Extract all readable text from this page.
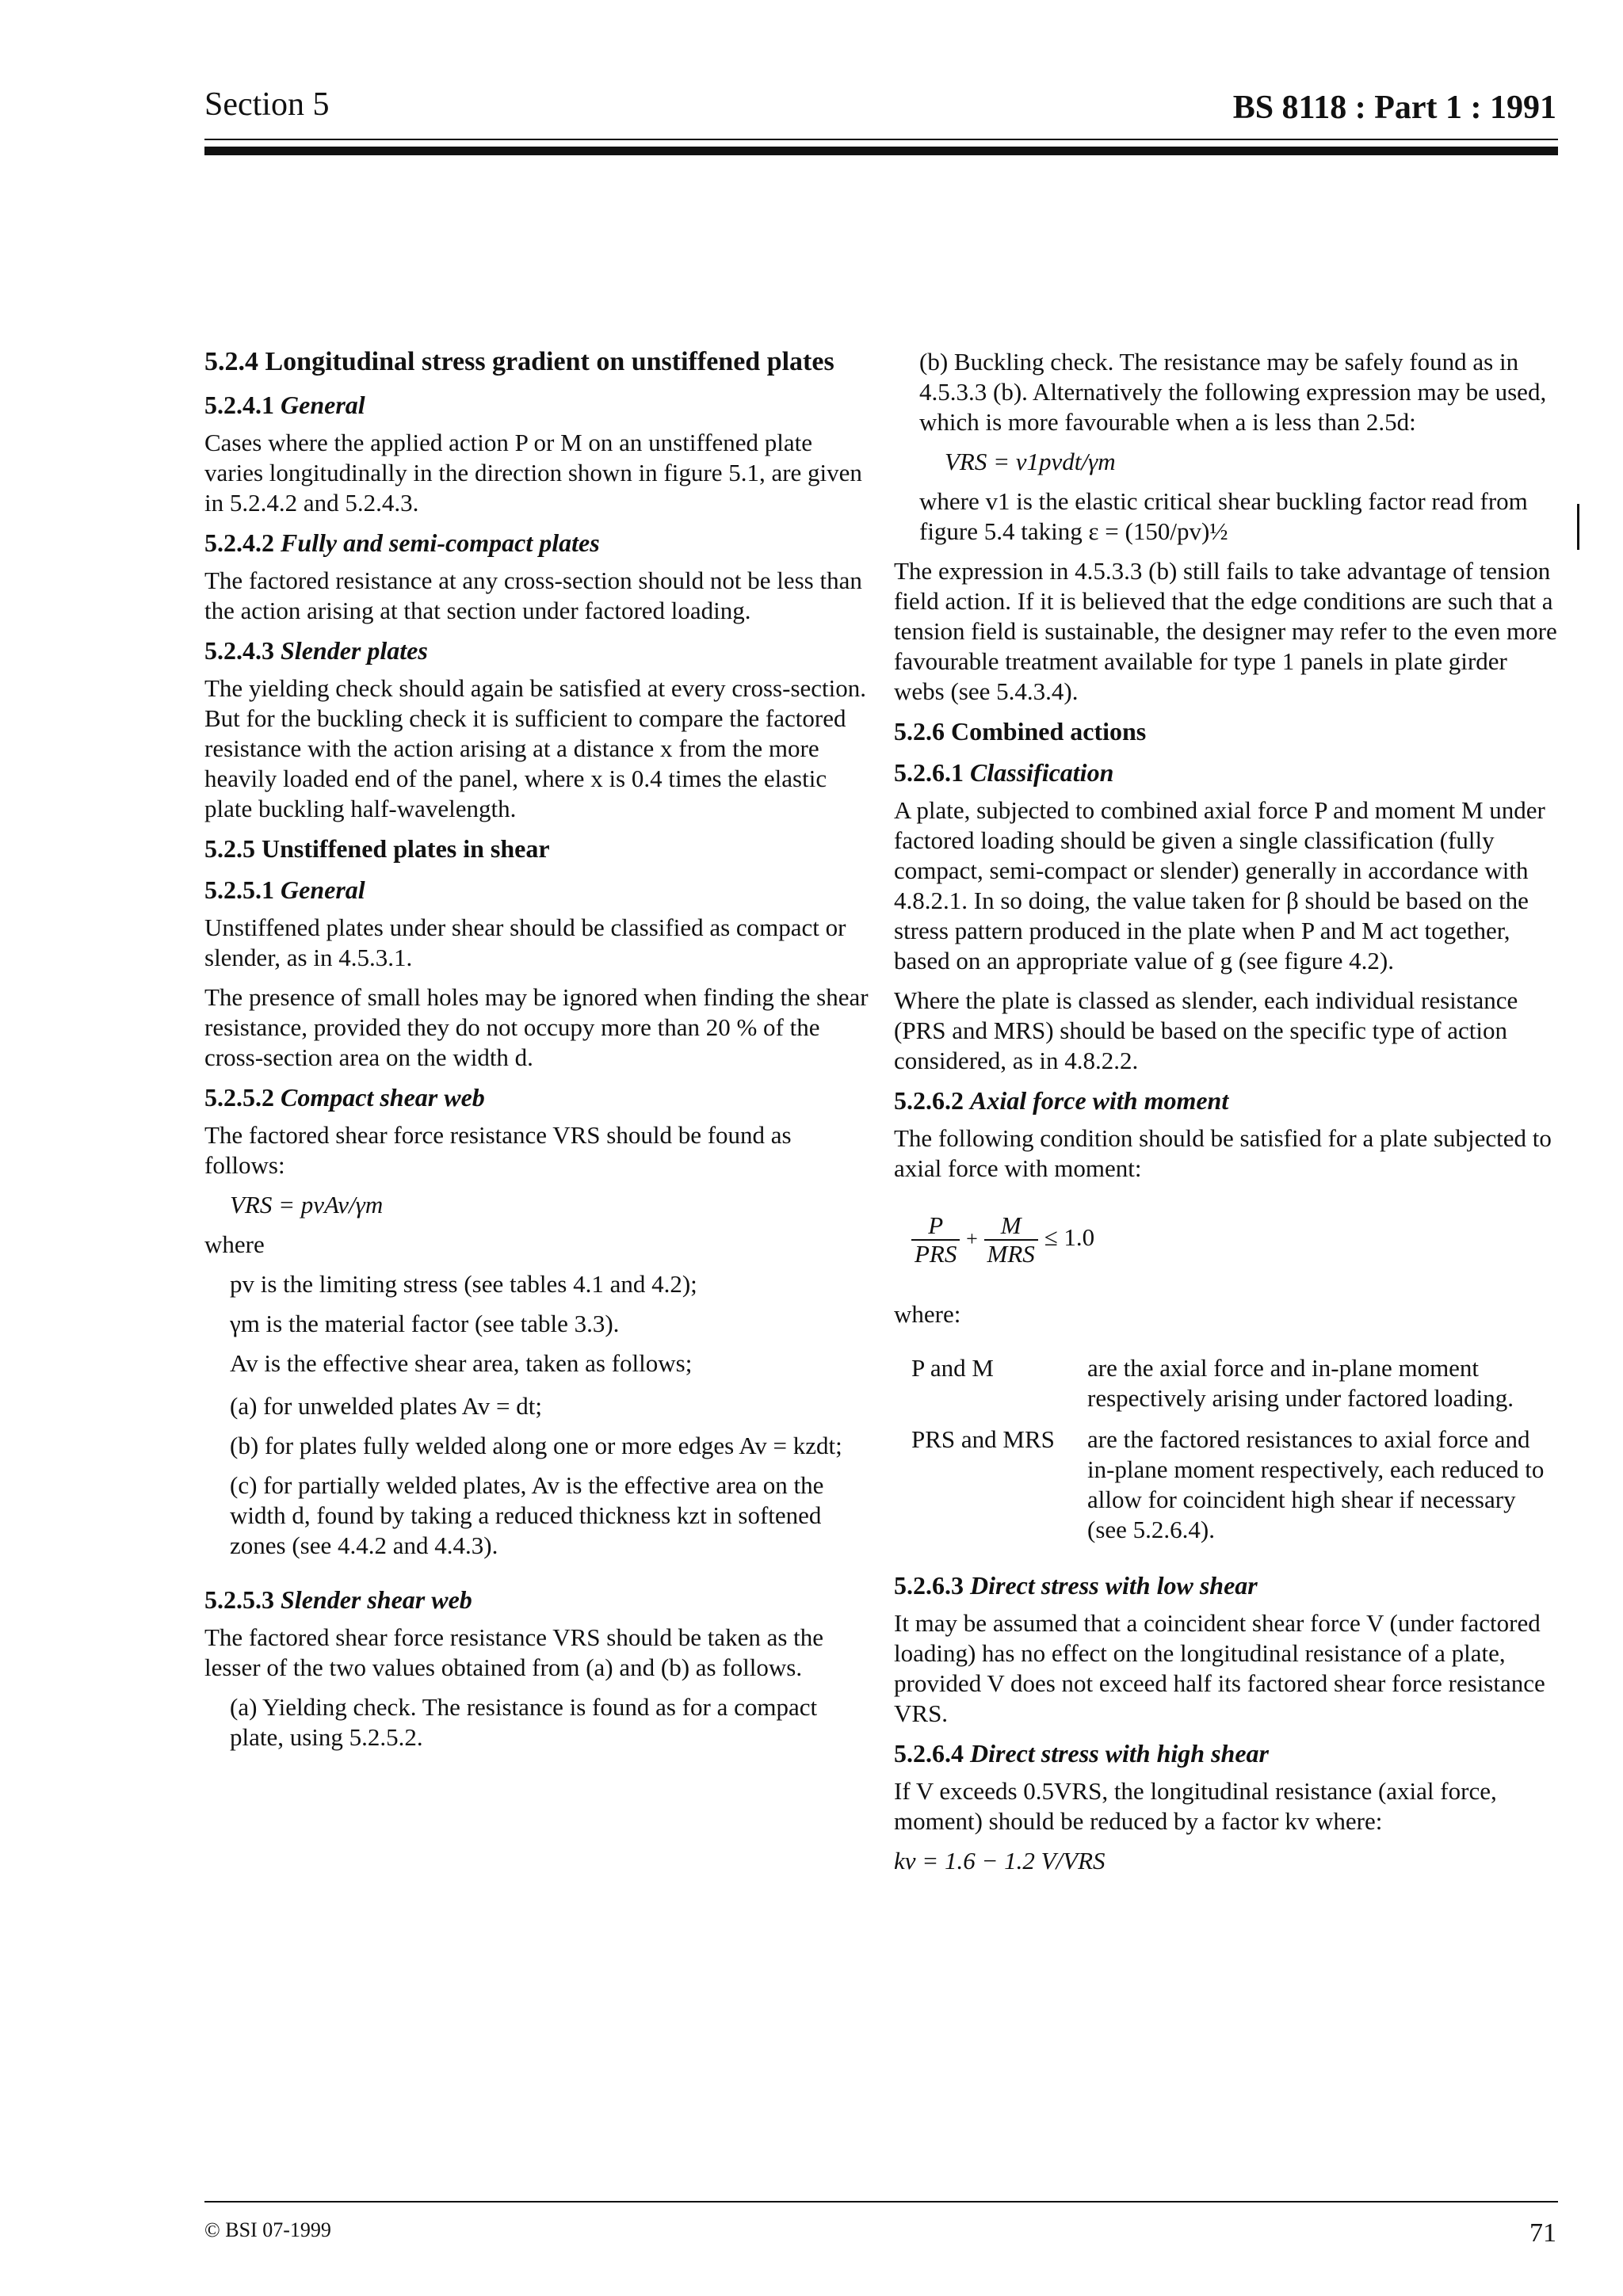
Section 5	BS 8118 : Part 1 : 1991
5.2.4 Longitudinal stress gradient on unstiffened plates
5.2.4.1 General

Cases where the applied action P or M on an unstiffened plate varies longitudinally in the direction shown in figure 5.1, are given in 5.2.4.2 and 5.2.4.3.

5.2.4.2 Fully and semi-compact plates

The factored resistance at any cross-section should not be less than the action arising at that section under factored loading.

5.2.4.3 Slender plates

The yielding check should again be satisfied at every cross-section. But for the buckling check it is sufficient to compare the factored resistance with the action arising at a distance x from the more heavily loaded end of the panel, where x is 0.4 times the elastic plate buckling half-wavelength.

5.2.5 Unstiffened plates in shear
5.2.5.1 General

Unstiffened plates under shear should be classified as compact or slender, as in 4.5.3.1.

The presence of small holes may be ignored when finding the shear resistance, provided they do not occupy more than 20 % of the cross-section area on the width d.

5.2.5.2 Compact shear web

The factored shear force resistance VRS should be found as follows:

VRS = pvAv/γm

where

pv is the limiting stress (see tables 4.1 and 4.2);

γm is the material factor (see table 3.3).

Av is the effective shear area, taken as follows;

(a) for unwelded plates Av = dt;

(b) for plates fully welded along one or more edges Av = kzdt;

(c) for partially welded plates, Av is the effective area on the width d, found by taking a reduced thickness kzt in softened zones (see 4.4.2 and 4.4.3).

5.2.5.3 Slender shear web

The factored shear force resistance VRS should be taken as the lesser of the two values obtained from (a) and (b) as follows.

(a) Yielding check. The resistance is found as for a compact plate, using 5.2.5.2.

(b) Buckling check. The resistance may be safely found as in 4.5.3.3 (b). Alternatively the following expression may be used, which is more favourable when a is less than 2.5d:

VRS = v1pvdt/γm

where v1 is the elastic critical shear buckling factor read from figure 5.4 taking ε = (150/pv)½

The expression in 4.5.3.3 (b) still fails to take advantage of tension field action. If it is believed that the edge conditions are such that a tension field is sustainable, the designer may refer to the even more favourable treatment available for type 1 panels in plate girder webs (see 5.4.3.4).

5.2.6 Combined actions
5.2.6.1 Classification

A plate, subjected to combined axial force P and moment M under factored loading should be given a single classification (fully compact, semi-compact or slender) generally in accordance with 4.8.2.1. In so doing, the value taken for β should be based on the stress pattern produced in the plate when P and M act together, based on an appropriate value of g (see figure 4.2).

Where the plate is classed as slender, each individual resistance (PRS and MRS) should be based on the specific type of action considered, as in 4.8.2.2.

5.2.6.2 Axial force with moment

The following condition should be satisfied for a plate subjected to axial force with moment:

$\frac{P}{\text{PRS}} + \frac{M}{\text{MRS}} \le 1.0$

where:

P and M	are the axial force and in-plane moment respectively arising under factored loading.
PRS and MRS	are the factored resistances to axial force and in-plane moment respectively, each reduced to allow for coincident high shear if necessary (see 5.2.6.4).
5.2.6.3 Direct stress with low shear

It may be assumed that a coincident shear force V (under factored loading) has no effect on the longitudinal resistance of a plate, provided V does not exceed half its factored shear force resistance VRS.

5.2.6.4 Direct stress with high shear

If V exceeds 0.5VRS, the longitudinal resistance (axial force, moment) should be reduced by a factor kv where:

kv = 1.6 − 1.2 V/VRS

© BSI 07-1999	71
